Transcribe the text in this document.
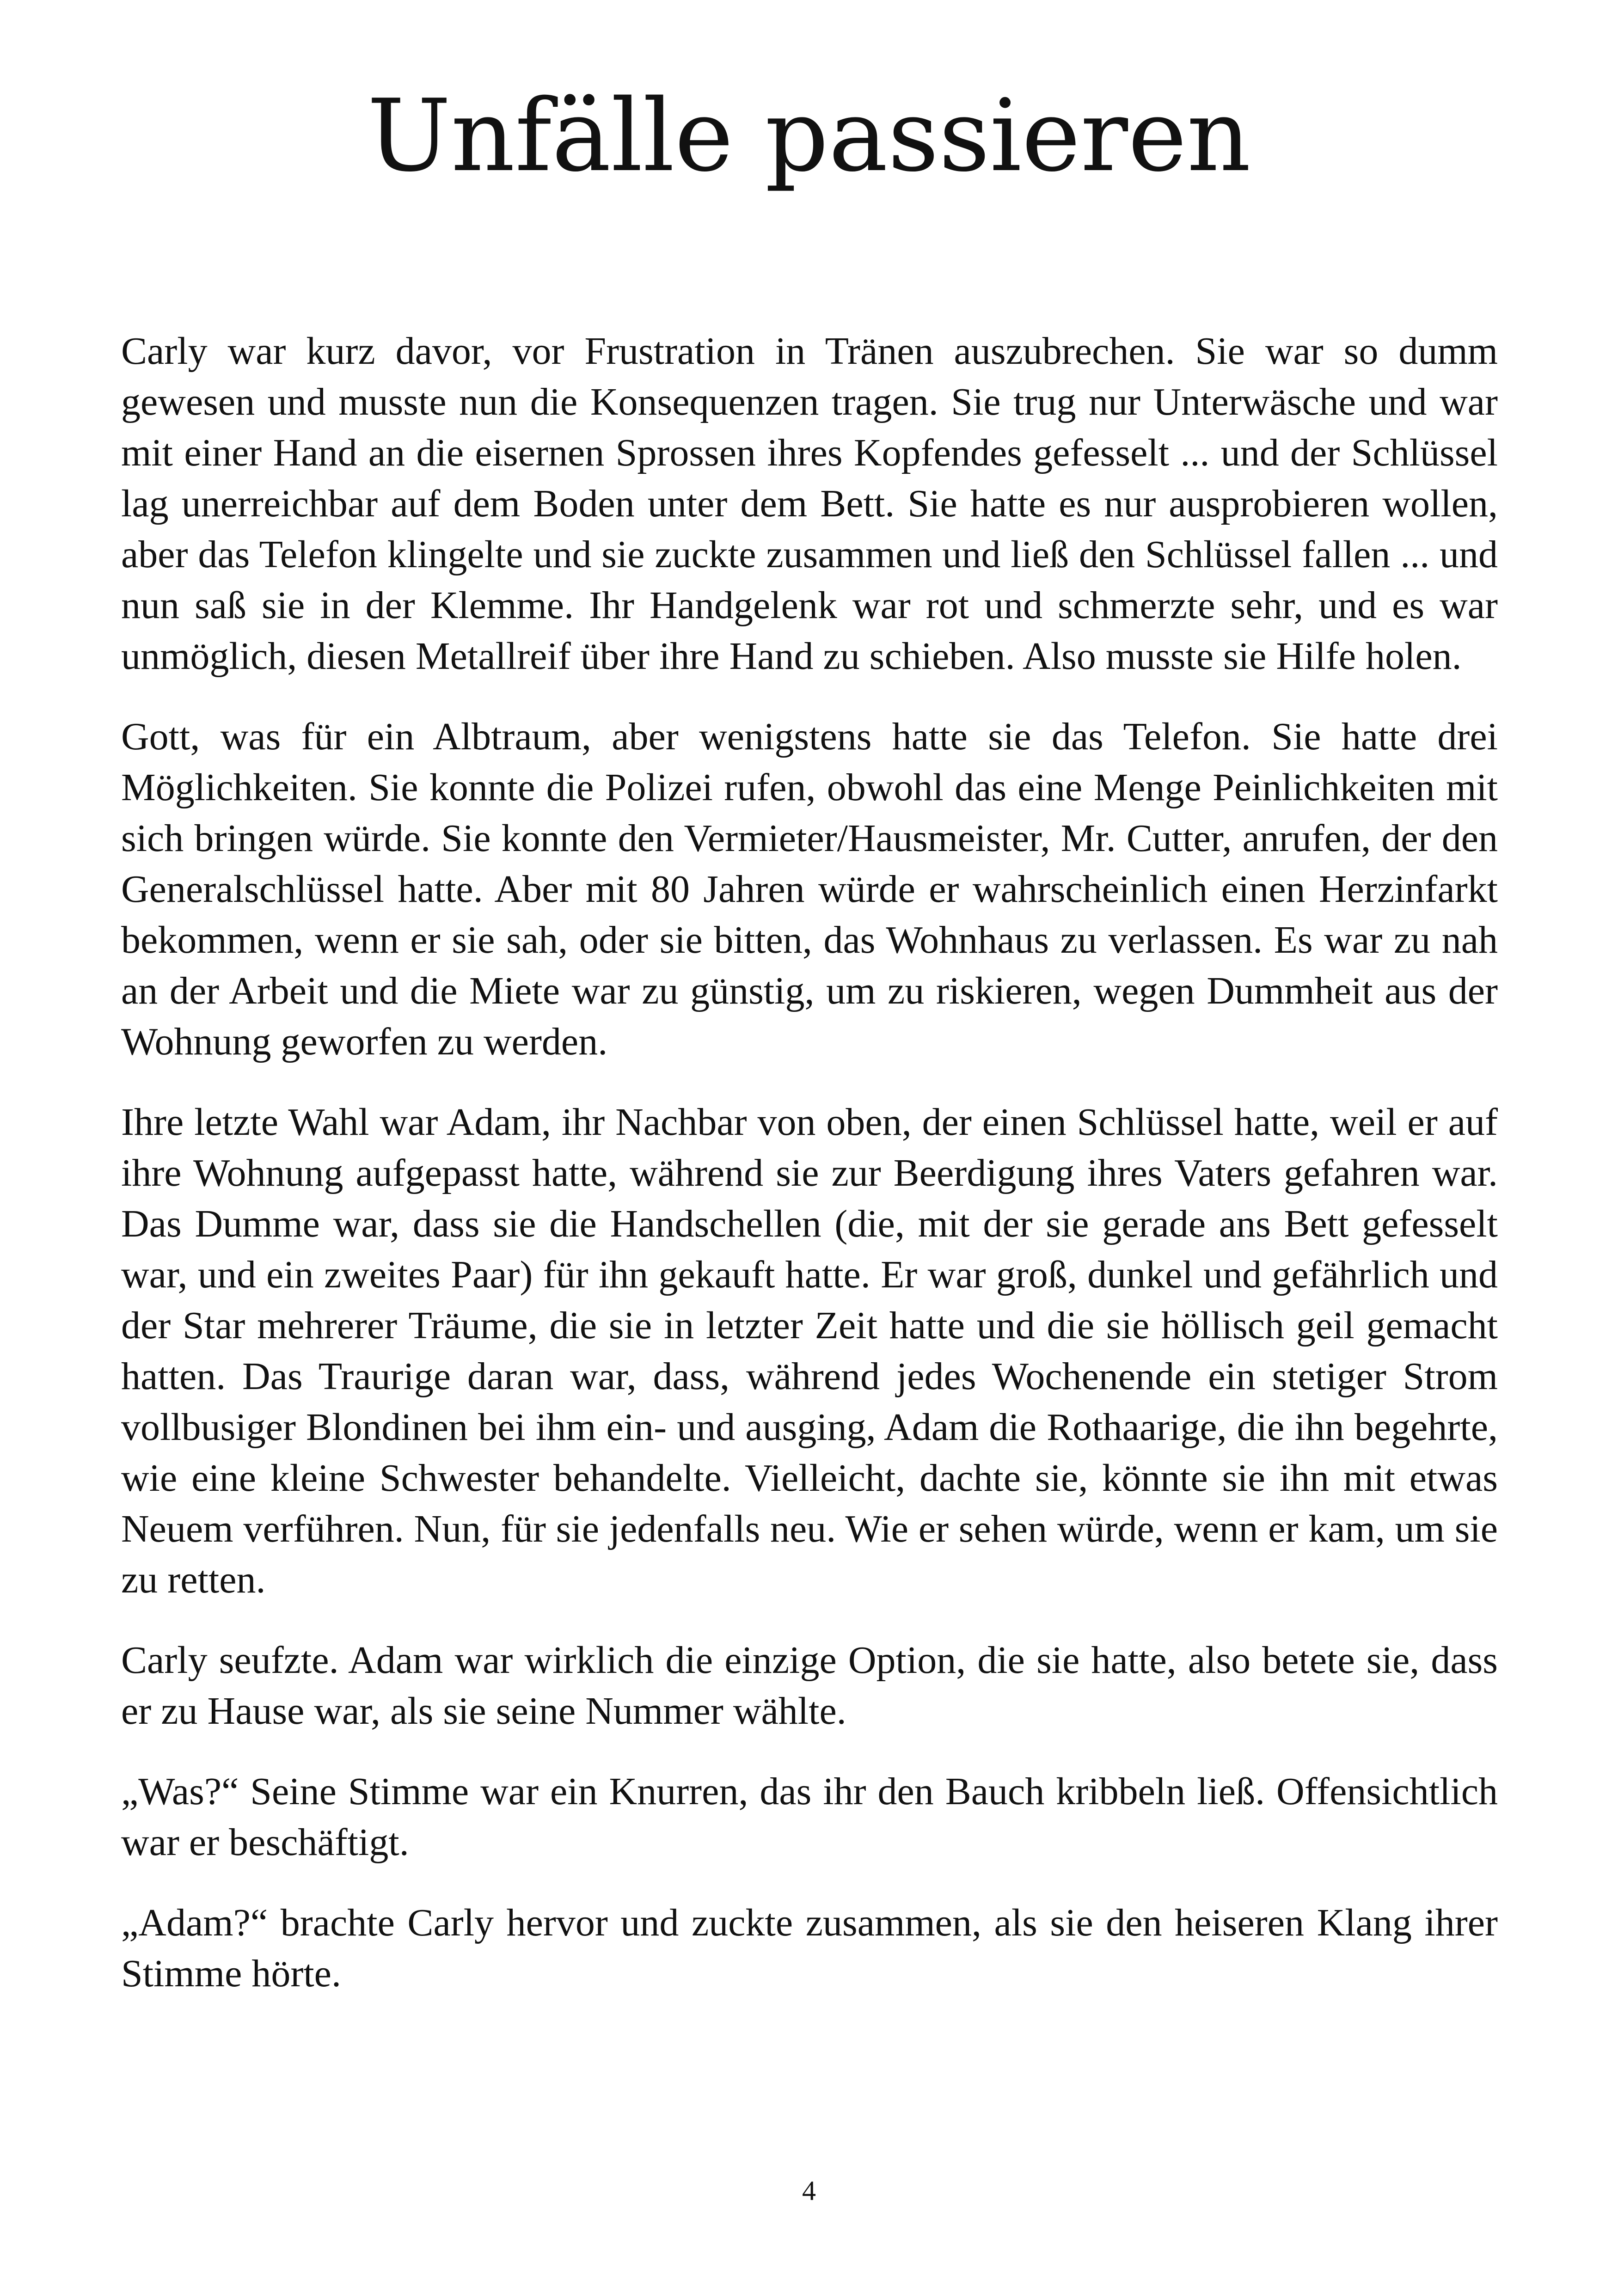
Unfälle passieren

Carly war kurz davor, vor Frustration in Tränen auszubrechen. Sie war so dumm gewesen und musste nun die Konsequenzen tragen. Sie trug nur Unterwäsche und war mit einer Hand an die eisernen Sprossen ihres Kopfendes gefesselt ... und der Schlüssel lag unerreichbar auf dem Boden unter dem Bett. Sie hatte es nur ausprobieren wollen, aber das Telefon klingelte und sie zuckte zusammen und ließ den Schlüssel fallen ... und nun saß sie in der Klemme. Ihr Handgelenk war rot und schmerzte sehr, und es war unmöglich, diesen Metallreif über ihre Hand zu schieben. Also musste sie Hilfe holen.

Gott, was für ein Albtraum, aber wenigstens hatte sie das Telefon. Sie hatte drei Möglichkeiten. Sie konnte die Polizei rufen, obwohl das eine Menge Peinlichkeiten mit sich bringen würde. Sie konnte den Vermieter/Hausmeister, Mr. Cutter, anrufen, der den Generalschlüssel hatte. Aber mit 80 Jahren würde er wahrscheinlich einen Herzinfarkt bekommen, wenn er sie sah, oder sie bitten, das Wohnhaus zu verlassen. Es war zu nah an der Arbeit und die Miete war zu günstig, um zu riskieren, wegen Dummheit aus der Wohnung geworfen zu werden.

Ihre letzte Wahl war Adam, ihr Nachbar von oben, der einen Schlüssel hatte, weil er auf ihre Wohnung aufgepasst hatte, während sie zur Beerdigung ihres Vaters gefahren war. Das Dumme war, dass sie die Handschellen (die, mit der sie gerade ans Bett gefesselt war, und ein zweites Paar) für ihn gekauft hatte. Er war groß, dunkel und gefährlich und der Star mehrerer Träume, die sie in letzter Zeit hatte und die sie höllisch geil gemacht hatten. Das Traurige daran war, dass, während jedes Wochenende ein stetiger Strom vollbusiger Blondinen bei ihm ein- und ausging, Adam die Rothaarige, die ihn begehrte, wie eine kleine Schwester behandelte. Vielleicht, dachte sie, könnte sie ihn mit etwas Neuem verführen. Nun, für sie jedenfalls neu. Wie er sehen würde, wenn er kam, um sie zu retten.

Carly seufzte. Adam war wirklich die einzige Option, die sie hatte, also betete sie, dass er zu Hause war, als sie seine Nummer wählte.

„Was?“ Seine Stimme war ein Knurren, das ihr den Bauch kribbeln ließ. Offensichtlich war er beschäftigt.

„Adam?“ brachte Carly hervor und zuckte zusammen, als sie den heiseren Klang ihrer Stimme hörte.

4
